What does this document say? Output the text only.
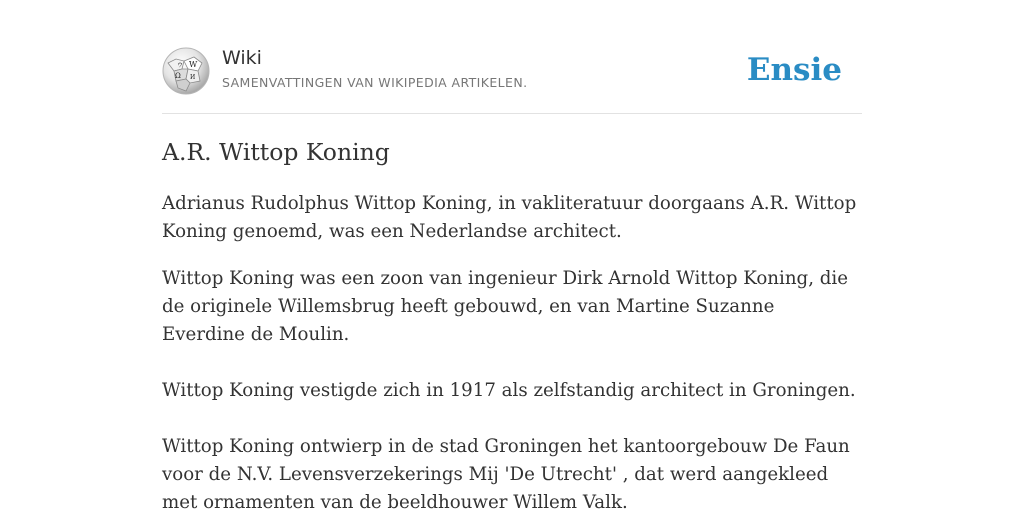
W
Ω И
ウ Wiki
SAMENVATTINGEN VAN WIKIPEDIA ARTIKELEN.	Ensie
A.R. Wittop Koning

Adrianus Rudolphus Wittop Koning, in vakliteratuur doorgaans A.R. Wittop Koning genoemd, was een Nederlandse architect.

Wittop Koning was een zoon van ingenieur Dirk Arnold Wittop Koning, die de originele Willemsbrug heeft gebouwd, en van Martine Suzanne Everdine de Moulin.

Wittop Koning vestigde zich in 1917 als zelfstandig architect in Groningen.

Wittop Koning ontwierp in de stad Groningen het kantoorgebouw De Faun voor de N.V. Levensverzekerings Mij 'De Utrecht' , dat werd aangekleed met ornamenten van de beeldhouwer Willem Valk.
